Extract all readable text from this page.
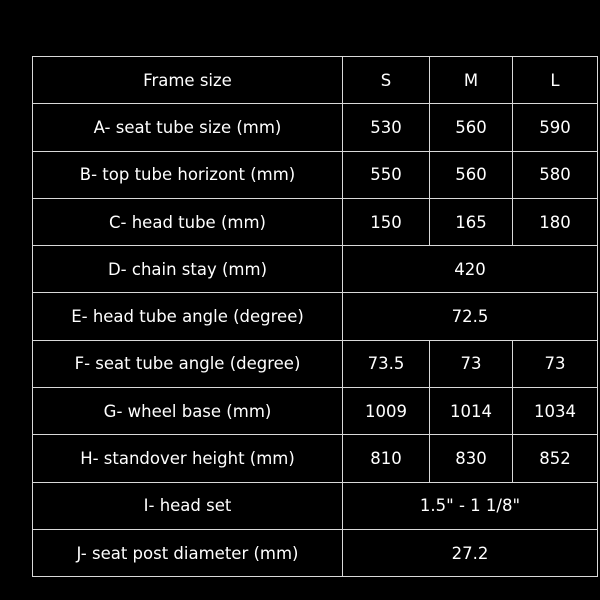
Frame size	S	M	L
A- seat tube size (mm)	530	560	590
B- top tube horizont (mm)	550	560	580
C- head tube (mm)	150	165	180
D- chain stay (mm)	420		
E- head tube angle (degree)	72.5		
F- seat tube angle (degree)	73.5	73	73
G- wheel base (mm)	1009	1014	1034
H- standover height (mm)	810	830	852
I- head set	1.5" - 1 1/8"		
J- seat post diameter (mm)	27.2		
